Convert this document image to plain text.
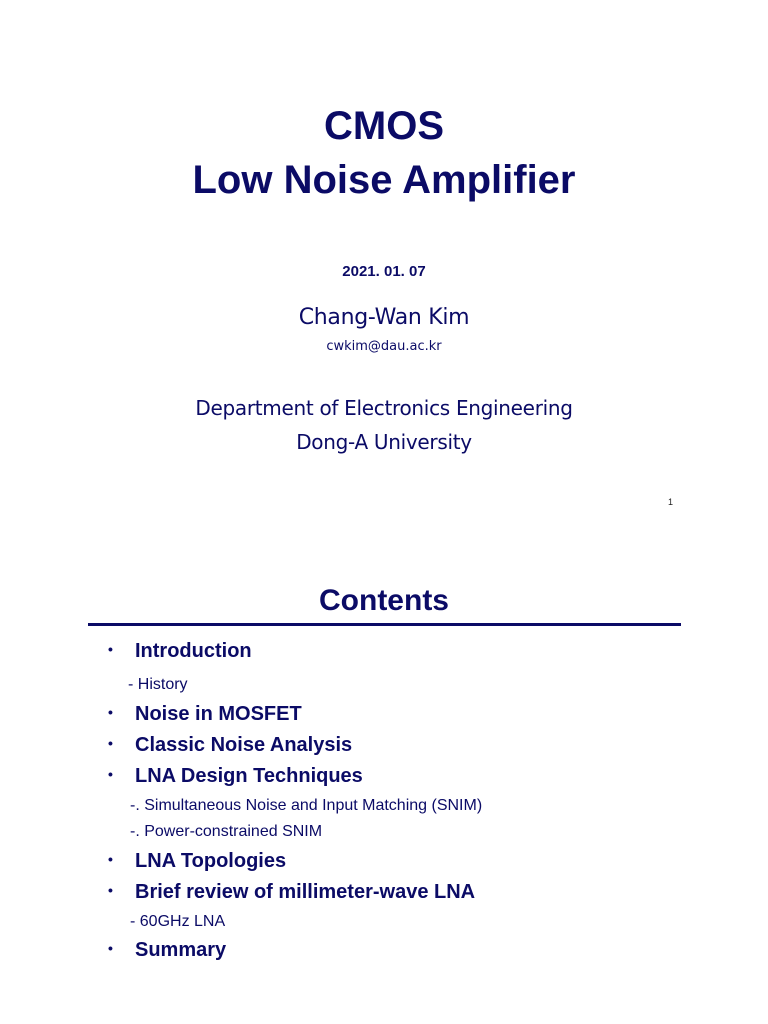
CMOS
Low Noise Amplifier
2021. 01. 07
Chang-Wan Kim
cwkim@dau.ac.kr
Department of Electronics Engineering
Dong-A University
1
Contents
• Introduction
- History
• Noise in MOSFET
• Classic Noise Analysis
• LNA Design Techniques
-. Simultaneous Noise and Input Matching (SNIM)
-. Power-constrained SNIM
• LNA Topologies
• Brief review of millimeter-wave LNA
- 60GHz LNA
• Summary
